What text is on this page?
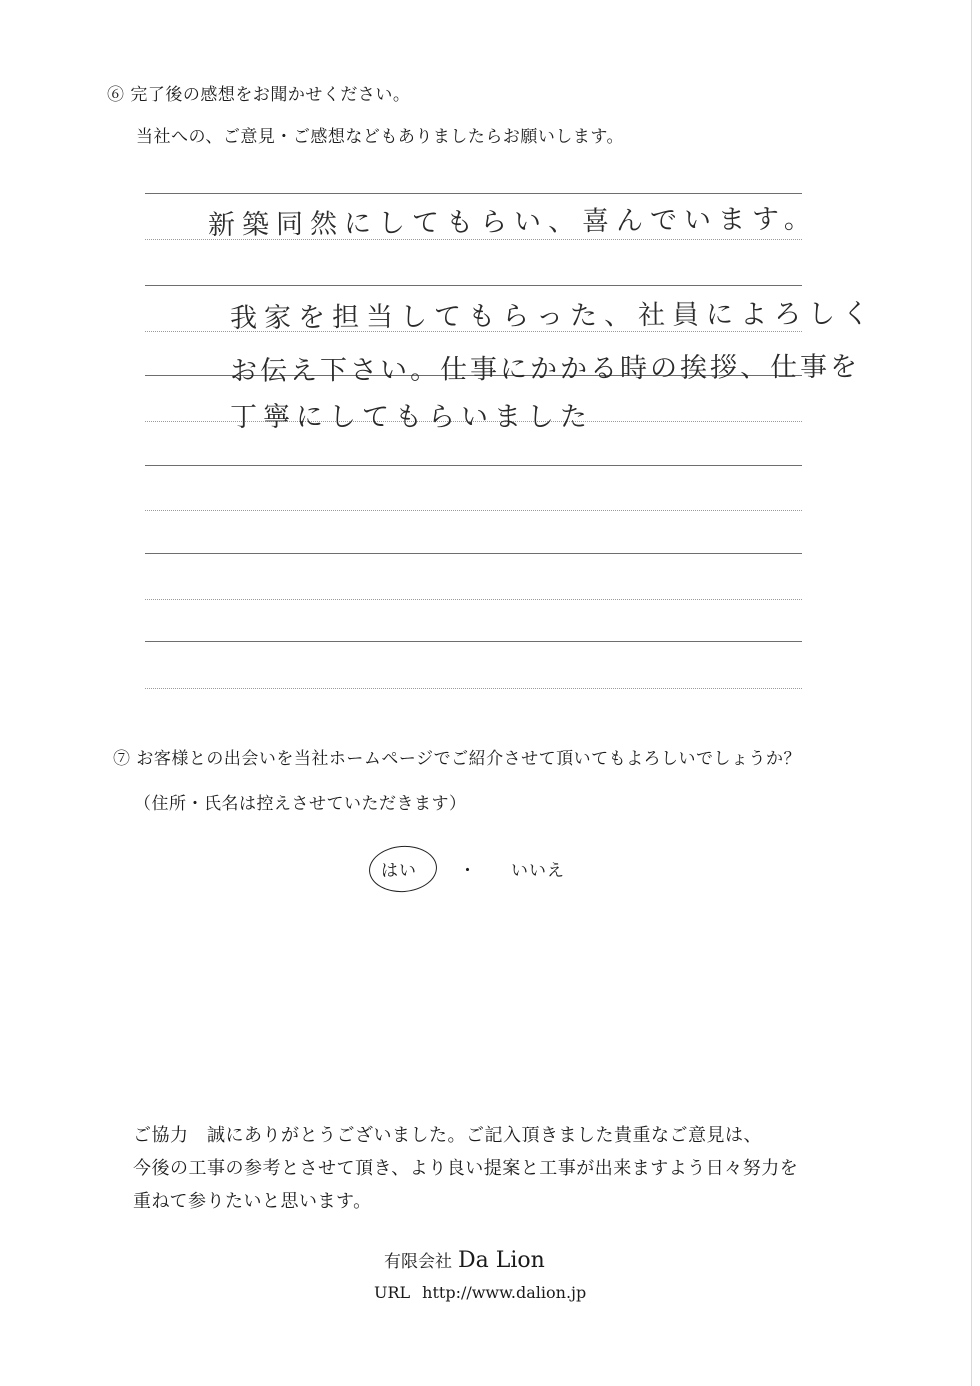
⑥ 完了後の感想をお聞かせください。
当社への、ご意見・ご感想などもありましたらお願いします。
新築同然にしてもらい、喜んでいます。
我家を担当してもらった、社員によろしく
お伝え下さい。仕事にかかる時の挨拶、仕事を
丁寧にしてもらいました
⑦ お客様との出会いを当社ホームページでご紹介させて頂いてもよろしいでしょうか？
（住所・氏名は控えさせていただきます）
はい ・ いいえ
ご協力　誠にありがとうございました。ご記入頂きました貴重なご意見は、
今後の工事の参考とさせて頂き、より良い提案と工事が出来ますよう日々努力を
重ねて参りたいと思います。
有限会社 Da Lion
URL http://www.dalion.jp
